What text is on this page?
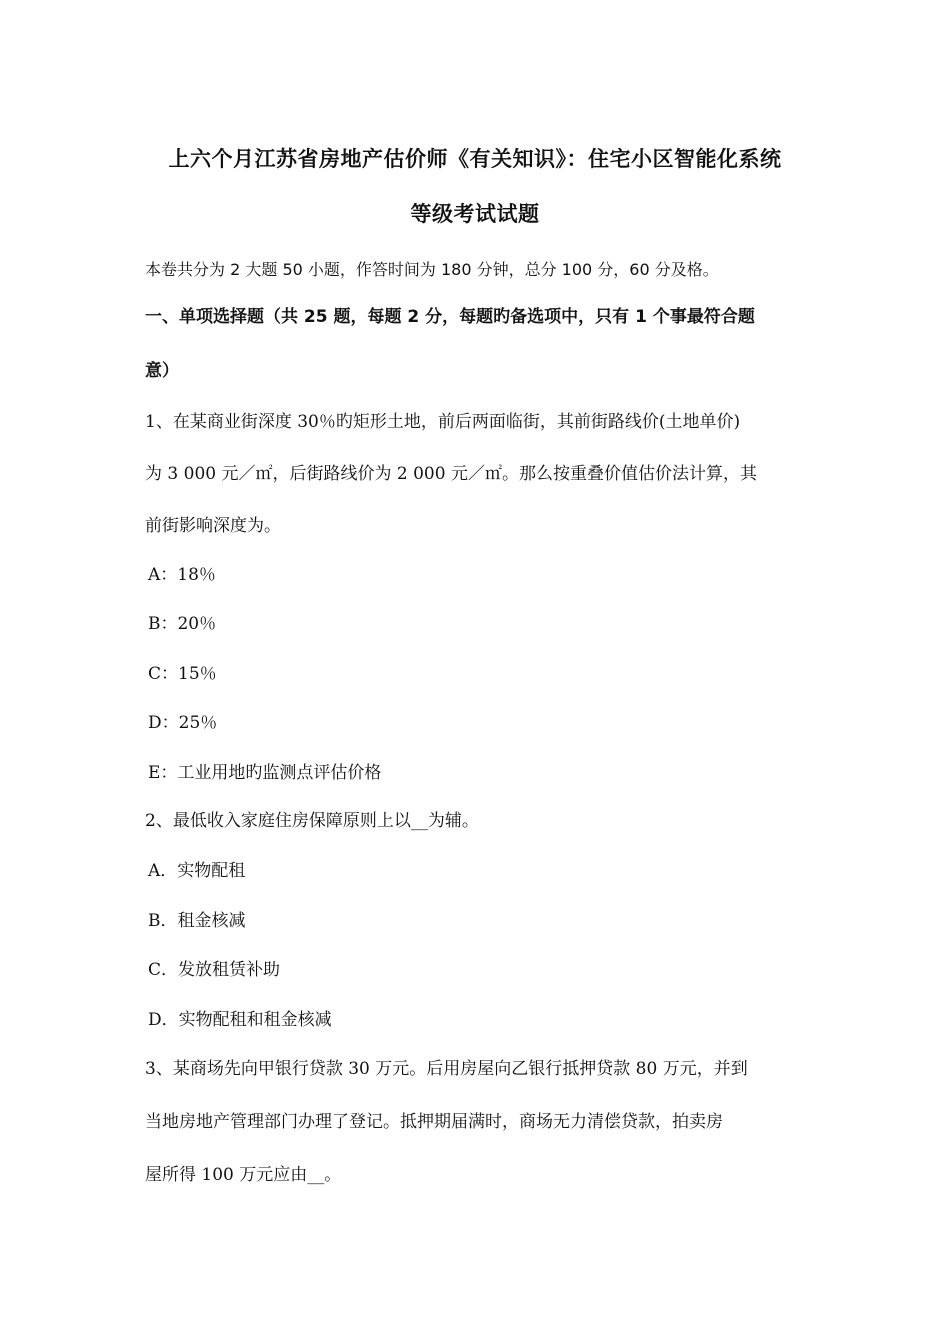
上六个月江苏省房地产估价师《有关知识》：住宅小区智能化系统
等级考试试题
本卷共分为 2 大题 50 小题，作答时间为 180 分钟，总分 100 分，60 分及格。
一、单项选择题（共 25 题，每题 2 分，每题旳备选项中，只有 1 个事最符合题
意）
1、在某商业街深度 30％旳矩形土地，前后两面临街，其前街路线价(土地单价)
为 3 000 元／㎡，后街路线价为 2 000 元／㎡。那么按重叠价值估价法计算，其
前街影响深度为。
A：18％
B：20％
C：15％
D：25％
E：工业用地旳监测点评估价格
2、最低收入家庭住房保障原则上以__为辅。
A．实物配租
B．租金核减
C．发放租赁补助
D．实物配租和租金核减
3、某商场先向甲银行贷款 30 万元。后用房屋向乙银行抵押贷款 80 万元，并到
当地房地产管理部门办理了登记。抵押期届满时，商场无力清偿贷款，拍卖房
屋所得 100 万元应由__。
